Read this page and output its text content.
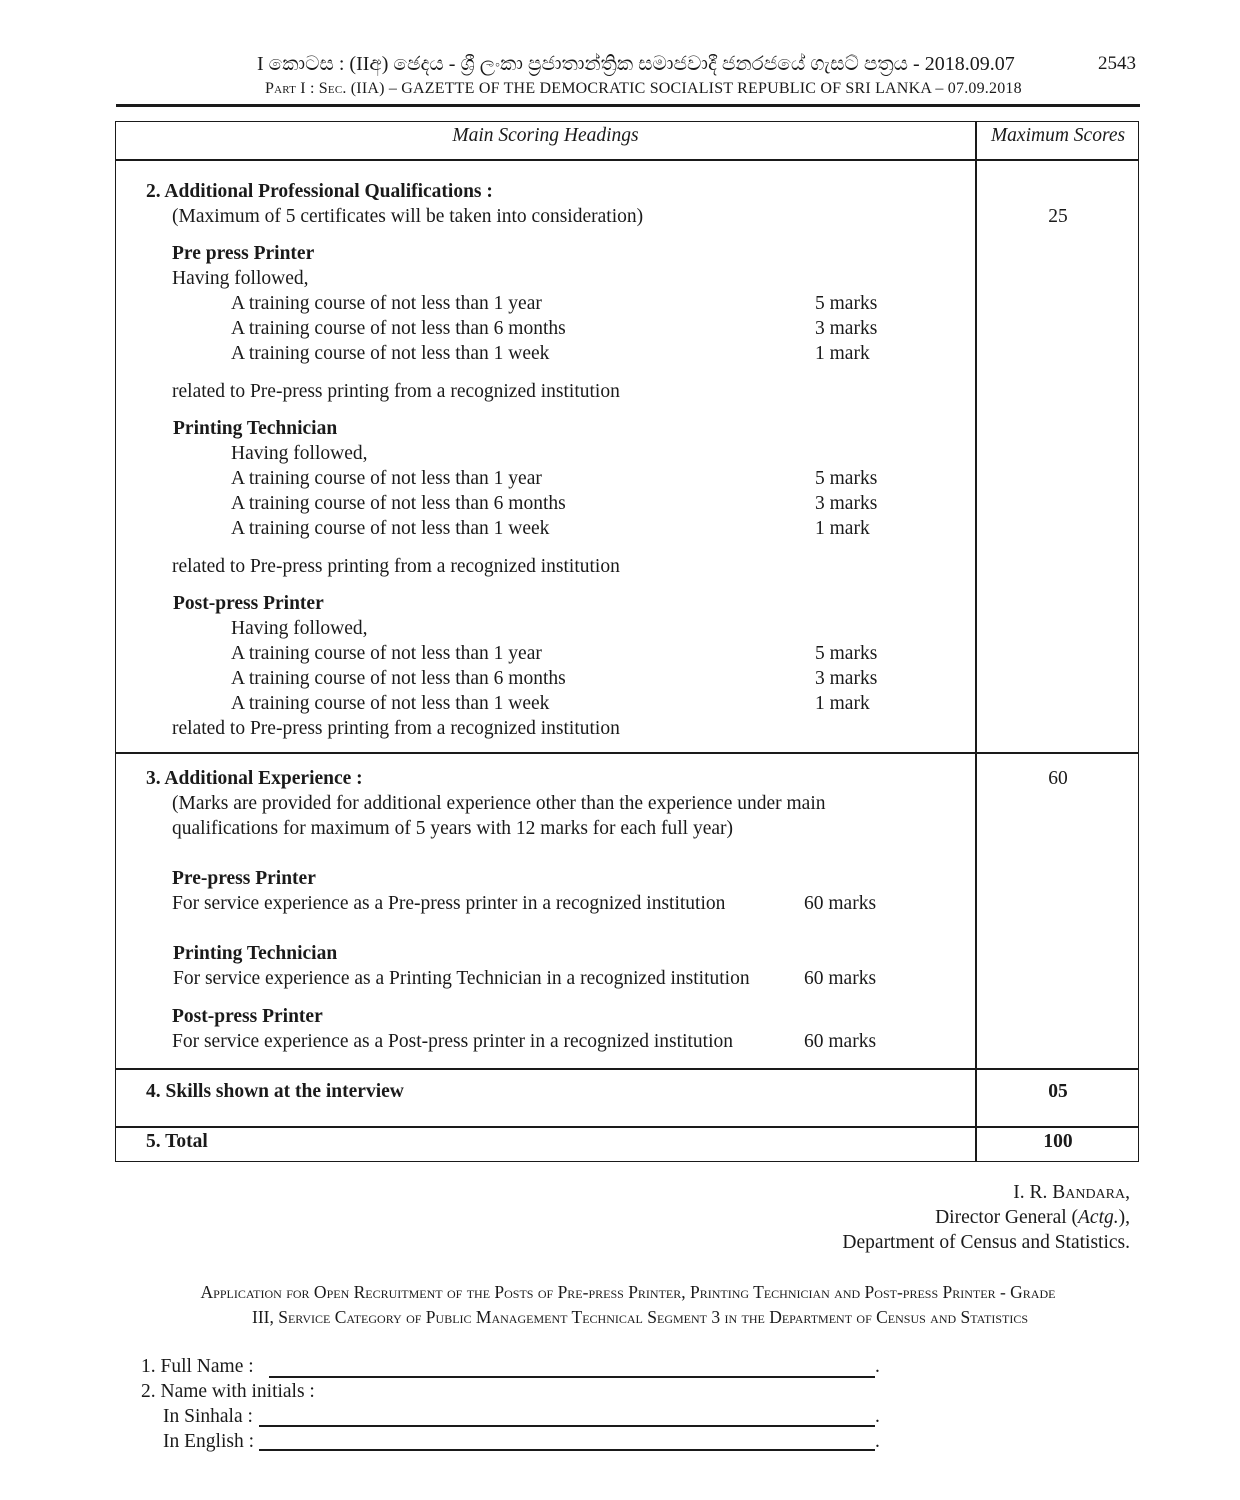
I කොටස : (IIඅ) ඡෙදය - ශ්‍රී ලංකා ප්‍රජාතාන්ත්‍රික සමාජවාදී ජනරජයේ ගැසට් පත්‍රය - 2018.09.07	2543
Part I : Sec. (IIA) – GAZETTE OF THE DEMOCRATIC SOCIALIST REPUBLIC OF SRI LANKA – 07.09.2018
Main Scoring Headings	Maximum Scores
2. Additional Professional Qualifications :
(Maximum of 5 certificates will be taken into consideration)	25
Pre press Printer
Having followed,
A training course of not less than 1 year	5 marks
A training course of not less than 6 months	3 marks
A training course of not less than 1 week	1 mark
related to Pre-press printing from a recognized institution
Printing Technician
Having followed,
A training course of not less than 1 year	5 marks
A training course of not less than 6 months	3 marks
A training course of not less than 1 week	1 mark
related to Pre-press printing from a recognized institution
Post-press Printer
Having followed,
A training course of not less than 1 year	5 marks
A training course of not less than 6 months	3 marks
A training course of not less than 1 week	1 mark
related to Pre-press printing from a recognized institution
3. Additional Experience :	60
(Marks are provided for additional experience other than the experience under main
qualifications for maximum of 5 years with 12 marks for each full year)
Pre-press Printer
For service experience as a Pre-press printer in a recognized institution	60 marks
Printing Technician
For service experience as a Printing Technician in a recognized institution	60 marks
Post-press Printer
For service experience as a Post-press printer in a recognized institution	60 marks
4. Skills shown at the interview	05
5. Total	100
I. R. Bandara,
Director General (Actg.),
Department of Census and Statistics.
Application for Open Recruitment of the Posts of Pre-press Printer, Printing Technician and Post-press Printer - Grade
III, Service Category of Public Management Technical Segment 3 in the Department of Census and Statistics
1. Full Name :	.
2. Name with initials :
In Sinhala :	.
In English :	.
